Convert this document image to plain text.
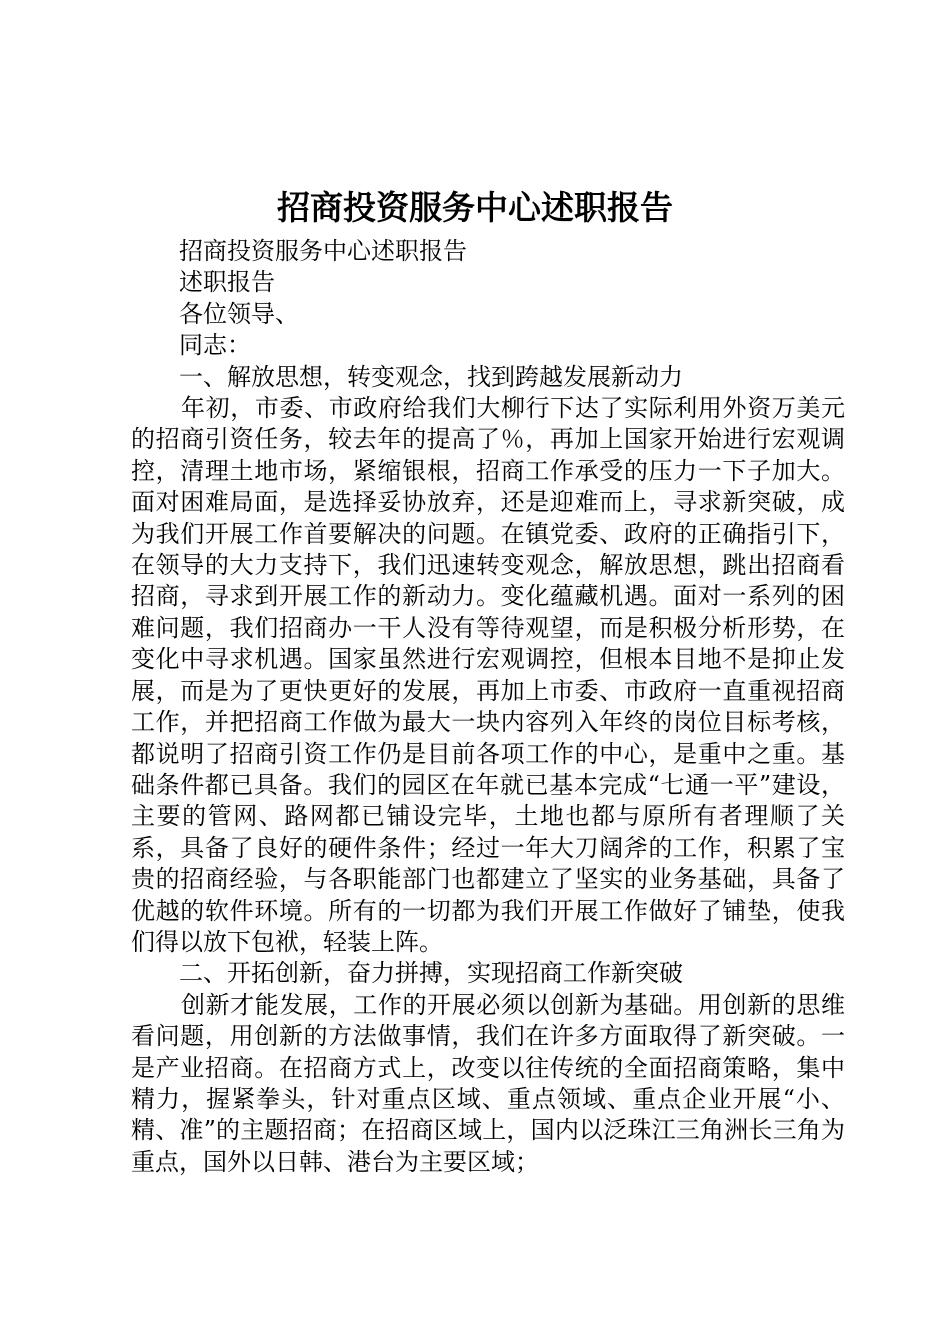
招商投资服务中心述职报告

招商投资服务中心述职报告

述职报告

各位领导、

同志：

一、解放思想，转变观念，找到跨越发展新动力

年初，市委、市政府给我们大柳行下达了实际利用外资万美元的招商引资任务，较去年的提高了％，再加上国家开始进行宏观调控，清理土地市场，紧缩银根，招商工作承受的压力一下子加大。面对困难局面，是选择妥协放弃，还是迎难而上，寻求新突破，成为我们开展工作首要解决的问题。在镇党委、政府的正确指引下，在领导的大力支持下，我们迅速转变观念，解放思想，跳出招商看招商，寻求到开展工作的新动力。变化蕴藏机遇。面对一系列的困难问题，我们招商办一干人没有等待观望，而是积极分析形势，在变化中寻求机遇。国家虽然进行宏观调控，但根本目地不是抑止发展，而是为了更快更好的发展，再加上市委、市政府一直重视招商工作，并把招商工作做为最大一块内容列入年终的岗位目标考核，都说明了招商引资工作仍是目前各项工作的中心，是重中之重。基础条件都已具备。我们的园区在年就已基本完成“七通一平”建设，主要的管网、路网都已铺设完毕，土地也都与原所有者理顺了关系，具备了良好的硬件条件；经过一年大刀阔斧的工作，积累了宝贵的招商经验，与各职能部门也都建立了坚实的业务基础，具备了优越的软件环境。所有的一切都为我们开展工作做好了铺垫，使我们得以放下包袱，轻装上阵。

二、开拓创新，奋力拼搏，实现招商工作新突破

创新才能发展，工作的开展必须以创新为基础。用创新的思维看问题，用创新的方法做事情，我们在许多方面取得了新突破。一是产业招商。在招商方式上，改变以往传统的全面招商策略，集中精力，握紧拳头，针对重点区域、重点领域、重点企业开展“小、精、准”的主题招商；在招商区域上，国内以泛珠江三角洲长三角为重点，国外以日韩、港台为主要区域；
